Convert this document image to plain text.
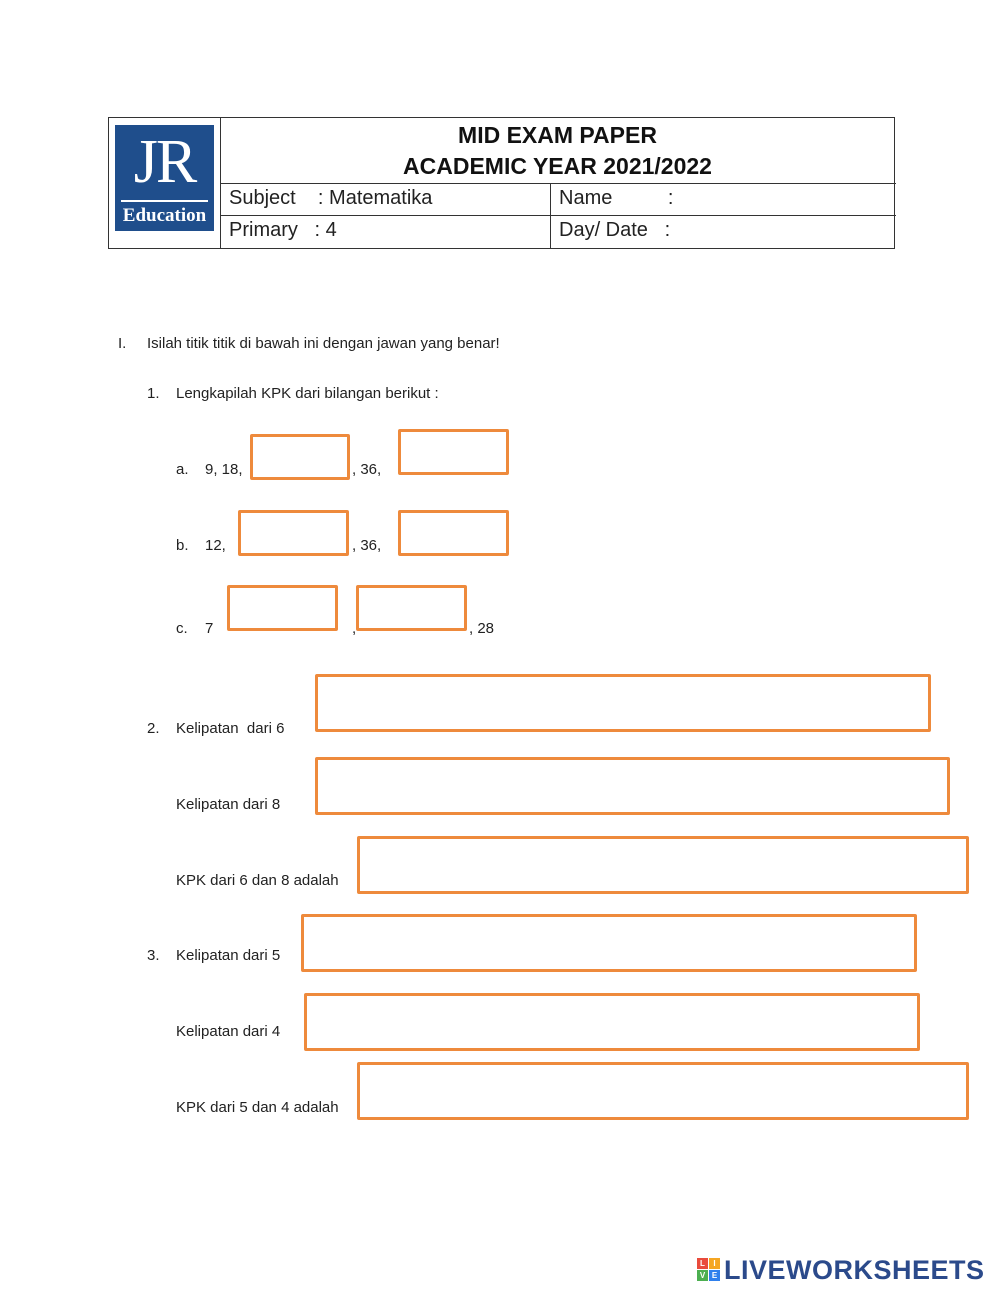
JR
Education
MID EXAM PAPER
ACADEMIC YEAR 2021/2022
Subject    : Matematika	Name          :
Primary   : 4	Day/ Date   :
I. Isilah titik titik di bawah ini dengan jawan yang benar!
1. Lengkapilah KPK dari bilangan berikut :
a. 9, 18,	, 36,
b. 12,	, 36,
c. 7	,	, 28
2. Kelipatan  dari 6
Kelipatan dari 8
KPK dari 6 dan 8 adalah
3. Kelipatan dari 5
Kelipatan dari 4
KPK dari 5 dan 4 adalah
L	I
V E LIVEWORKSHEETS
